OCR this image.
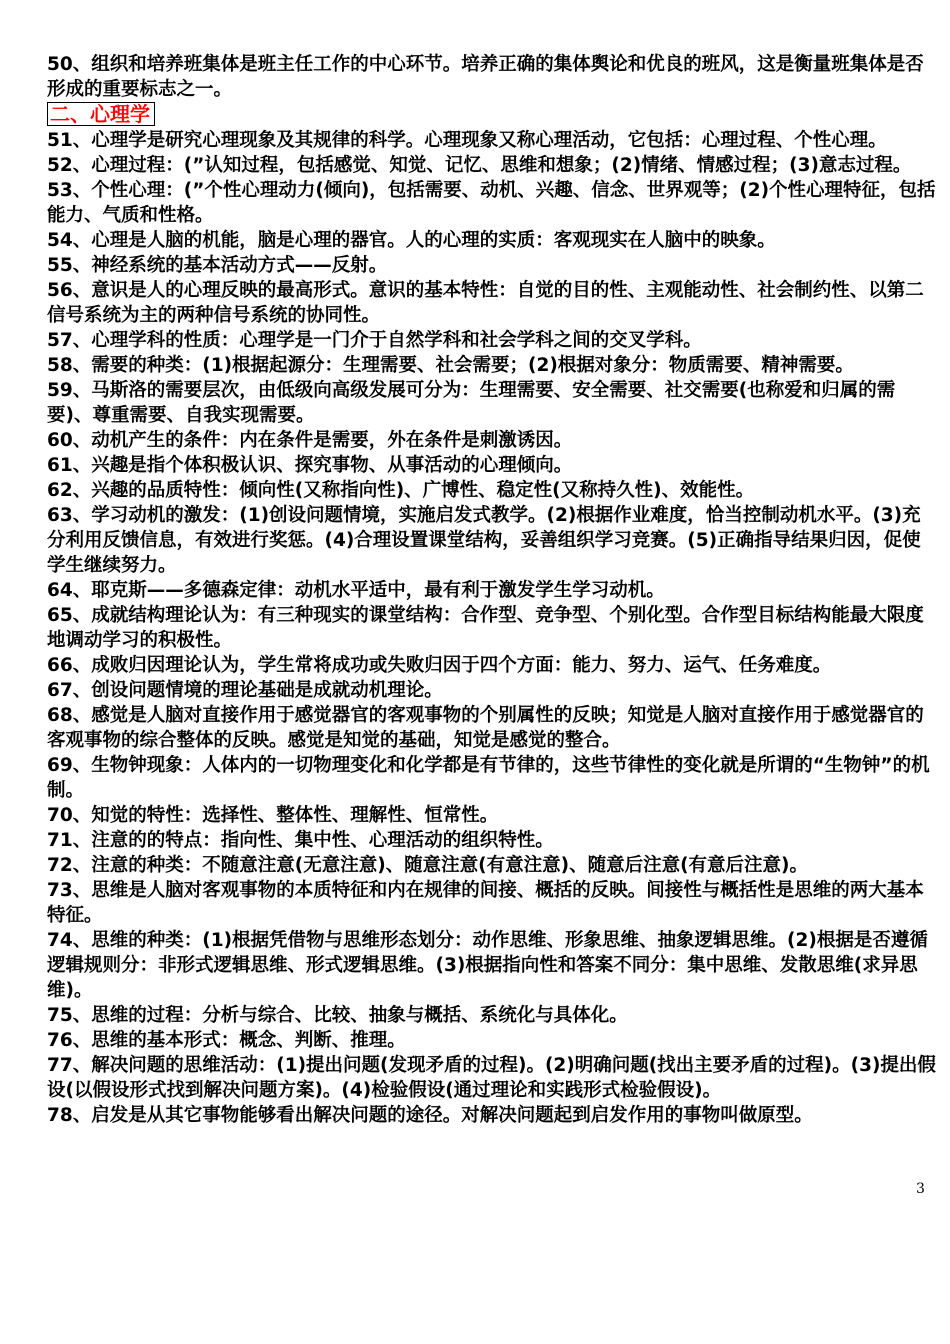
50、组织和培养班集体是班主任工作的中心环节。培养正确的集体舆论和优良的班风，这是衡量班集体是否形成的重要标志之一。

二、心理学

51、心理学是研究心理现象及其规律的科学。心理现象又称心理活动，它包括：心理过程、个性心理。

52、心理过程：(”认知过程，包括感觉、知觉、记忆、思维和想象；(2)情绪、情感过程；(3)意志过程。

53、个性心理：(”个性心理动力(倾向)，包括需要、动机、兴趣、信念、世界观等；(2)个性心理特征，包括能力、气质和性格。

54、心理是人脑的机能，脑是心理的器官。人的心理的实质：客观现实在人脑中的映象。

55、神经系统的基本活动方式——反射。

56、意识是人的心理反映的最高形式。意识的基本特性：自觉的目的性、主观能动性、社会制约性、以第二信号系统为主的两种信号系统的协同性。

57、心理学科的性质：心理学是一门介于自然学科和社会学科之间的交叉学科。

58、需要的种类：(1)根据起源分：生理需要、社会需要；(2)根据对象分：物质需要、精神需要。

59、马斯洛的需要层次，由低级向高级发展可分为：生理需要、安全需要、社交需要(也称爱和归属的需要)、尊重需要、自我实现需要。

60、动机产生的条件：内在条件是需要，外在条件是刺激诱因。

61、兴趣是指个体积极认识、探究事物、从事活动的心理倾向。

62、兴趣的品质特性：倾向性(又称指向性)、广博性、稳定性(又称持久性)、效能性。

63、学习动机的激发：(1)创设问题情境，实施启发式教学。(2)根据作业难度，恰当控制动机水平。(3)充分利用反馈信息，有效进行奖惩。(4)合理设置课堂结构，妥善组织学习竞赛。(5)正确指导结果归因，促使学生继续努力。

64、耶克斯——多德森定律：动机水平适中，最有利于激发学生学习动机。

65、成就结构理论认为：有三种现实的课堂结构：合作型、竞争型、个别化型。合作型目标结构能最大限度地调动学习的积极性。

66、成败归因理论认为，学生常将成功或失败归因于四个方面：能力、努力、运气、任务难度。

67、创设问题情境的理论基础是成就动机理论。

68、感觉是人脑对直接作用于感觉器官的客观事物的个别属性的反映；知觉是人脑对直接作用于感觉器官的客观事物的综合整体的反映。感觉是知觉的基础，知觉是感觉的整合。

69、生物钟现象：人体内的一切物理变化和化学都是有节律的，这些节律性的变化就是所谓的“生物钟”的机制。

70、知觉的特性：选择性、整体性、理解性、恒常性。

71、注意的的特点：指向性、集中性、心理活动的组织特性。

72、注意的种类：不随意注意(无意注意)、随意注意(有意注意)、随意后注意(有意后注意)。

73、思维是人脑对客观事物的本质特征和内在规律的间接、概括的反映。间接性与概括性是思维的两大基本特征。

74、思维的种类：(1)根据凭借物与思维形态划分：动作思维、形象思维、抽象逻辑思维。(2)根据是否遵循逻辑规则分：非形式逻辑思维、形式逻辑思维。(3)根据指向性和答案不同分：集中思维、发散思维(求异思维)。

75、思维的过程：分析与综合、比较、抽象与概括、系统化与具体化。

76、思维的基本形式：概念、判断、推理。

77、解决问题的思维活动：(1)提出问题(发现矛盾的过程)。(2)明确问题(找出主要矛盾的过程)。(3)提出假设(以假设形式找到解决问题方案)。(4)检验假设(通过理论和实践形式检验假设)。

78、启发是从其它事物能够看出解决问题的途径。对解决问题起到启发作用的事物叫做原型。

3
